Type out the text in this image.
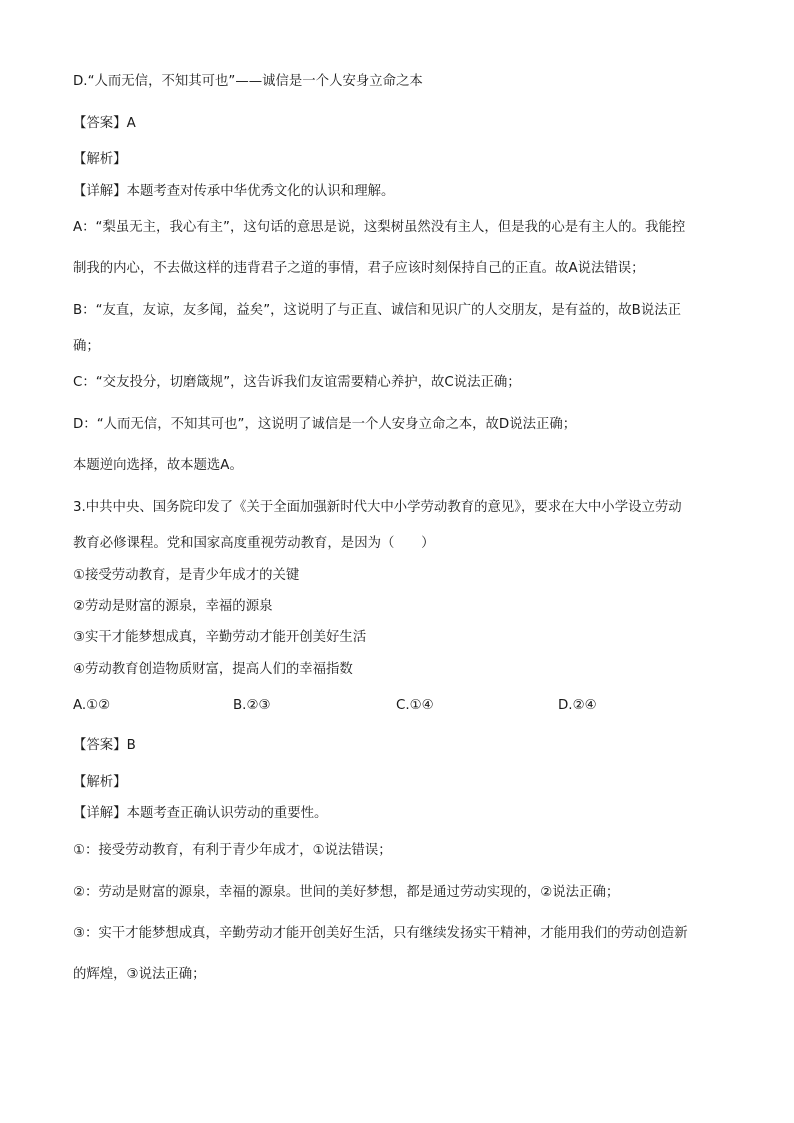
D.“人而无信，不知其可也”——诚信是一个人安身立命之本
【答案】A
【解析】
【详解】本题考查对传承中华优秀文化的认识和理解。
A：“梨虽无主，我心有主”，这句话的意思是说，这梨树虽然没有主人，但是我的心是有主人的。我能控
制我的内心，不去做这样的违背君子之道的事情，君子应该时刻保持自己的正直。故A说法错误；
B：“友直，友谅，友多闻，益矣”，这说明了与正直、诚信和见识广的人交朋友，是有益的，故B说法正
确；
C：“交友投分，切磨箴规”，这告诉我们友谊需要精心养护，故C说法正确；
D：“人而无信，不知其可也”，这说明了诚信是一个人安身立命之本，故D说法正确；
本题逆向选择，故本题选A。
3.中共中央、国务院印发了《关于全面加强新时代大中小学劳动教育的意见》，要求在大中小学设立劳动
教育必修课程。党和国家高度重视劳动教育，是因为（　　）
①接受劳动教育，是青少年成才的关键
②劳动是财富的源泉，幸福的源泉
③实干才能梦想成真，辛勤劳动才能开创美好生活
④劳动教育创造物质财富，提高人们的幸福指数
A.①②	B.②③	C.①④	D.②④
【答案】B
【解析】
【详解】本题考查正确认识劳动的重要性。
①：接受劳动教育，有利于青少年成才，①说法错误；
②：劳动是财富的源泉，幸福的源泉。世间的美好梦想，都是通过劳动实现的，②说法正确；
③：实干才能梦想成真，辛勤劳动才能开创美好生活，只有继续发扬实干精神，才能用我们的劳动创造新
的辉煌，③说法正确；
